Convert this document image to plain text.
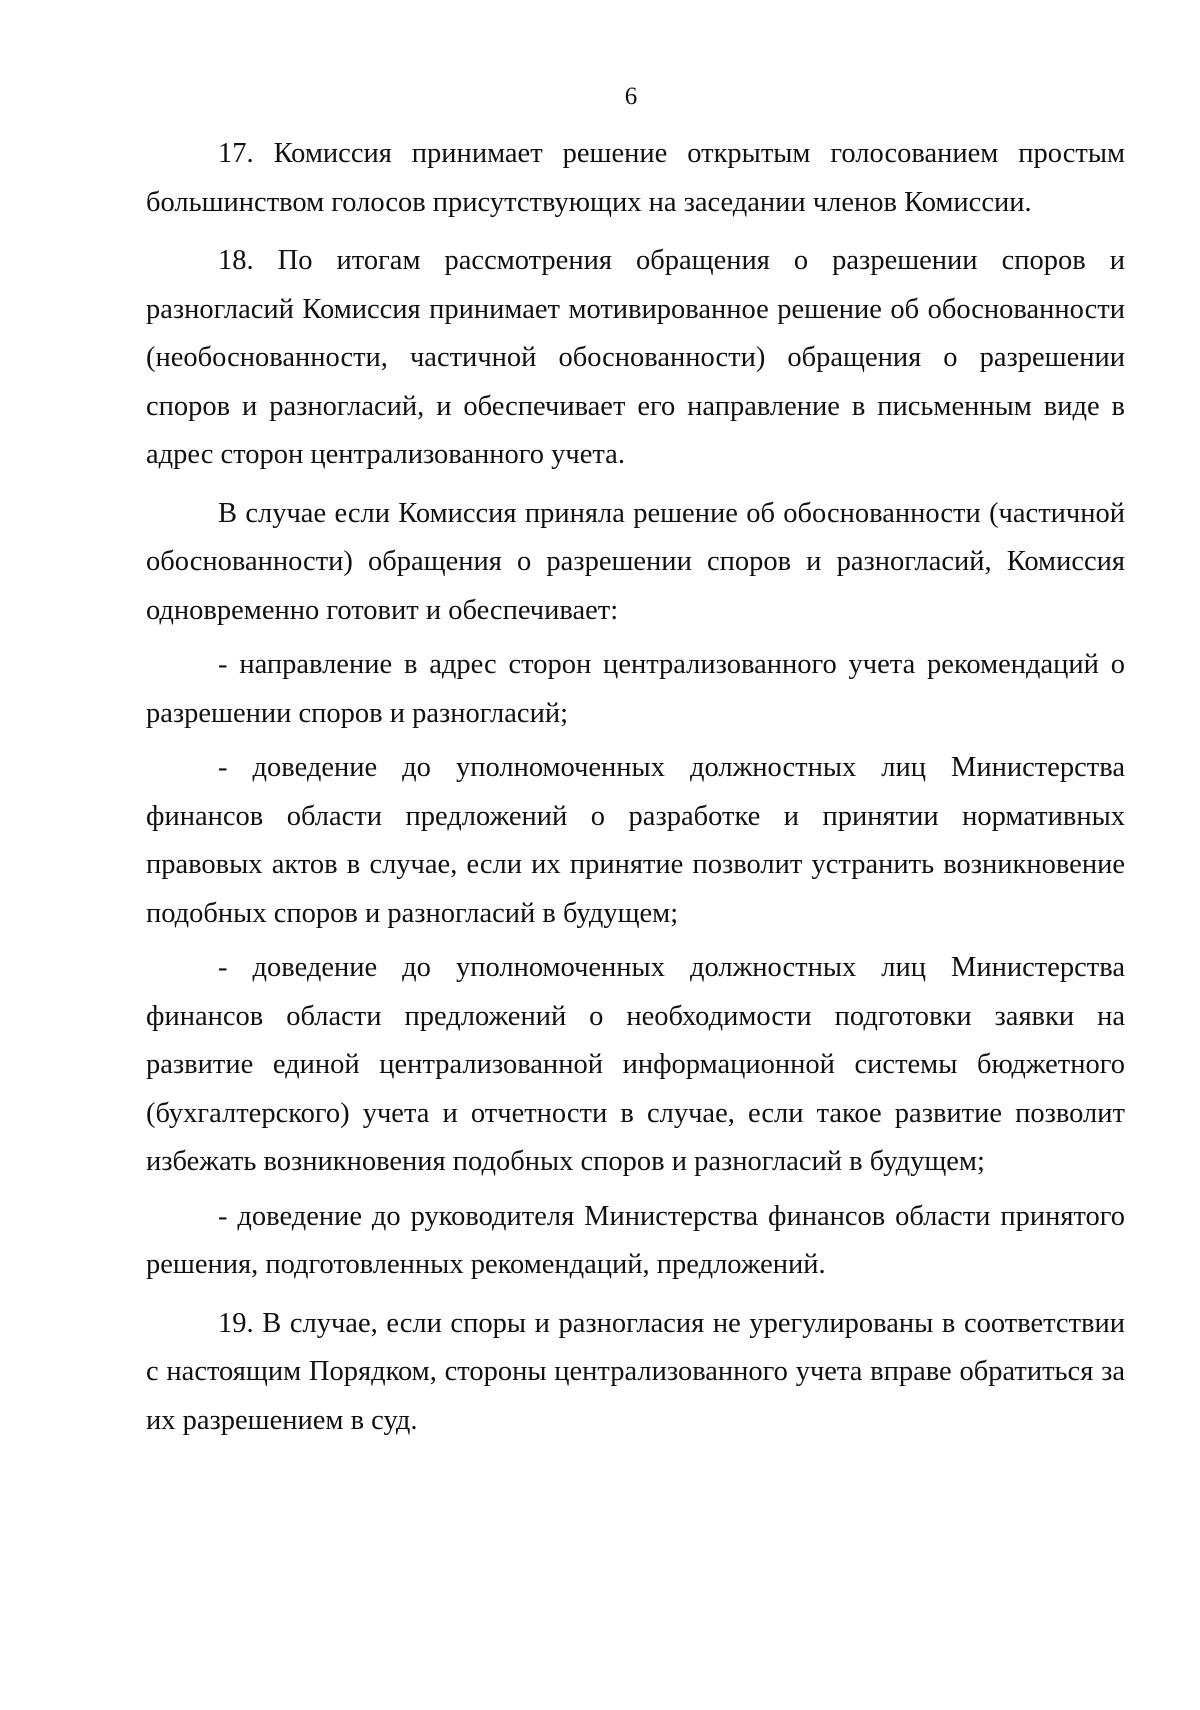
6

17. Комиссия принимает решение открытым голосованием простым большинством голосов присутствующих на заседании членов Комиссии.

18. По итогам рассмотрения обращения о разрешении споров и разногласий Комиссия принимает мотивированное решение об обоснованности (необоснованности, частичной обоснованности) обращения о разрешении споров и разногласий, и обеспечивает его направление в письменным виде в адрес сторон централизованного учета.

В случае если Комиссия приняла решение об обоснованности (частичной обоснованности) обращения о разрешении споров и разногласий, Комиссия одновременно готовит и обеспечивает:

- направление в адрес сторон централизованного учета рекомендаций о разрешении споров и разногласий;

- доведение до уполномоченных должностных лиц Министерства финансов области предложений о разработке и принятии нормативных правовых актов в случае, если их принятие позволит устранить возникновение подобных споров и разногласий в будущем;

- доведение до уполномоченных должностных лиц Министерства финансов области предложений о необходимости подготовки заявки на развитие единой централизованной информационной системы бюджетного (бухгалтерского) учета и отчетности в случае, если такое развитие позволит избежать возникновения подобных споров и разногласий в будущем;

- доведение до руководителя Министерства финансов области принятого решения, подготовленных рекомендаций, предложений.

19. В случае, если споры и разногласия не урегулированы в соответствии с настоящим Порядком, стороны централизованного учета вправе обратиться за их разрешением в суд.
